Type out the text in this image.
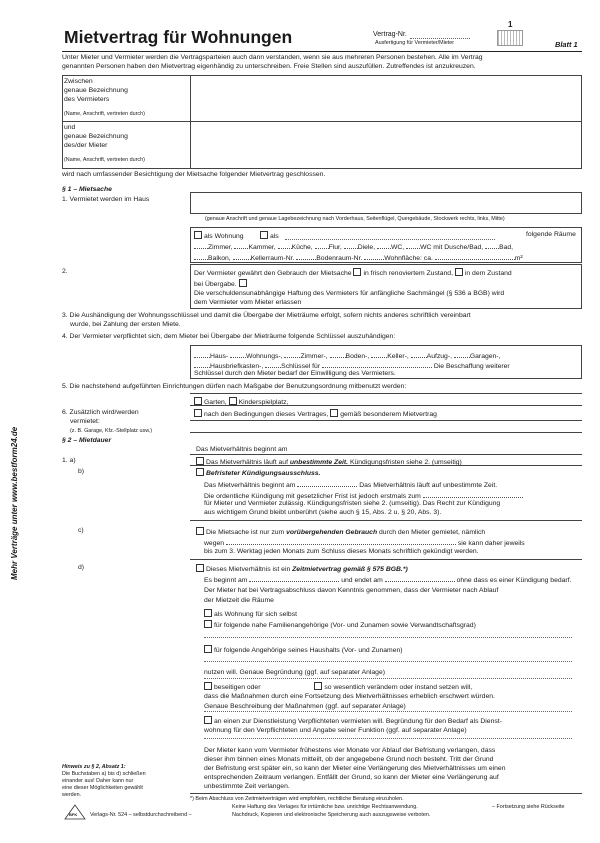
Mehr Verträge unter www.bestform24.de
Mietvertrag für Wohnungen	Vertrag-Nr.
Ausfertigung für Vermieter/Mieter
1
Blatt 1
Unter Mieter und Vermieter werden die Vertragsparteien auch dann verstanden, wenn sie aus mehreren Personen bestehen. Alle im Vertrag
genannten Personen haben den Mietvertrag eigenhändig zu unterschreiben. Freie Stellen sind auszufüllen. Zutreffendes ist anzukreuzen.
Zwischen
genaue Bezeichnung
des Vermieters
(Name, Anschrift, vertreten durch)
und
genaue Bezeichnung
des/der Mieter
(Name, Anschrift, vertreten durch)
wird nach umfassender Besichtigung der Mietsache folgender Mietvertrag geschlossen.
§ 1 – Mietsache
1. Vermietet werden im Haus
(genaue Anschrift und genaue Lagebezeichnung nach Vorderhaus, Seitenflügel, Quergebäude, Stockwerk rechts, links, Mitte)
als Wohnung	als	folgende Räume
Zimmer, Kammer, Küche, Flur, Diele, WC, WC mit Dusche/Bad, Bad,
Balkon,	Kellerraum-Nr.	Bodenraum-Nr.	Wohnfläche: ca.	m²
2.	Der Vermieter gewährt den Gebrauch der Mietsache in frisch renoviertem Zustand, in dem Zustand
bei Übergabe.
Die verschuldensunabhängige Haftung des Vermieters für anfängliche Sachmängel (§ 536 a BGB) wird
dem Vermieter vom Mieter erlassen
3. Die Aushändigung der Wohnungsschlüssel und damit die Übergabe der Mieträume erfolgt, sofern nichts anderes schriftlich vereinbart
wurde, bei Zahlung der ersten Miete.
4. Der Vermieter verpflichtet sich, dem Mieter bei Übergabe der Mieträume folgende Schlüssel auszuhändigen:
Haus-	Wohnungs-,	Zimmer-,	Boden-,	Keller-,	Aufzug-,	Garagen-,
Hausbriefkasten-,	Schlüssel für	Die Beschaffung weiterer
Schlüssel durch den Mieter bedarf der Einwilligung des Vermieters.
5. Die nachstehend aufgeführten Einrichtungen dürfen nach Maßgabe der Benutzungsordnung mitbenutzt werden:
Garten, Kinderspielplatz,
6. Zusätzlich wird/werden
vermietet:
(z. B. Garage, Kfz.-Stellplatz usw.)
nach den Bedingungen dieses Vertrages, gemäß besonderem Mietvertrag
§ 2 – Mietdauer
Das Mietverhältnis beginnt am
1. a)	Das Mietverhältnis läuft auf unbestimmte Zeit. Kündigungsfristen siehe 2. (umseitig)
b)	Befristeter Kündigungsausschluss.
Das Mietverhältnis beginnt am	Das Mietverhältnis läuft auf unbestimmte Zeit.
Die ordentliche Kündigung mit gesetzlicher Frist ist jedoch erstmals zum
für Mieter und Vermieter zulässig. Kündigungsfristen siehe 2. (umseitig). Das Recht zur Kündigung
aus wichtigem Grund bleibt unberührt (siehe auch § 15, Abs. 2 u. § 20, Abs. 3).
c)	Die Mietsache ist nur zum vorübergehenden Gebrauch durch den Mieter gemietet, nämlich
wegen	sie kann daher jeweils
bis zum 3. Werktag jeden Monats zum Schluss dieses Monats schriftlich gekündigt werden.
d)	Dieses Mietverhältnis ist ein Zeitmietvertrag gemäß § 575 BGB.*)
Es beginnt am	und endet am	ohne dass es einer Kündigung bedarf.
Der Mieter hat bei Vertragsabschluss davon Kenntnis genommen, dass der Vermieter nach Ablauf
der Mietzeit die Räume
als Wohnung für sich selbst
für folgende nahe Familienangehörige (Vor- und Zunamen sowie Verwandtschaftsgrad)
für folgende Angehörige seines Haushalts (Vor- und Zunamen)
nutzen will. Genaue Begründung (ggf. auf separater Anlage)
beseitigen oder	so wesentlich verändern oder instand setzen will,
dass die Maßnahmen durch eine Fortsetzung des Mietverhältnisses erheblich erschwert würden.
Genaue Beschreibung der Maßnahmen (ggf. auf separater Anlage)
an einen zur Dienstleistung Verpflichteten vermieten will. Begründung für den Bedarf als Dienst-
wohnung für den Verpflichteten und Angabe seiner Funktion (ggf. auf separater Anlage)
Der Mieter kann vom Vermieter frühestens vier Monate vor Ablauf der Befristung verlangen, dass
dieser ihm binnen eines Monats mitteilt, ob der angegebene Grund noch besteht. Tritt der Grund
der Befristung erst später ein, so kann der Mieter eine Verlängerung des Mietverhältnisses um einen
entsprechenden Zeitraum verlangen. Entfällt der Grund, so kann der Mieter eine Verlängerung auf
unbestimmte Zeit verlangen.
Hinweis zu § 2, Absatz 1:
Die Buchstaben a) bis d) schließen
einander aus! Daher kann nur
eine dieser Möglichkeiten gewählt
werden.
*) Beim Abschluss von Zeitmietverträgen wird empfohlen, rechtliche Beratung einzuholen.
BFK Verlags-Nr. 524 – selbstdurchschreibend –
Keine Haftung des Verlages für irrtümliche bzw. unrichtige Rechtsanwendung.	– Fortsetzung siehe Rückseite
Nachdruck, Kopieren und elektronische Speicherung auch auszugsweise verboten.
